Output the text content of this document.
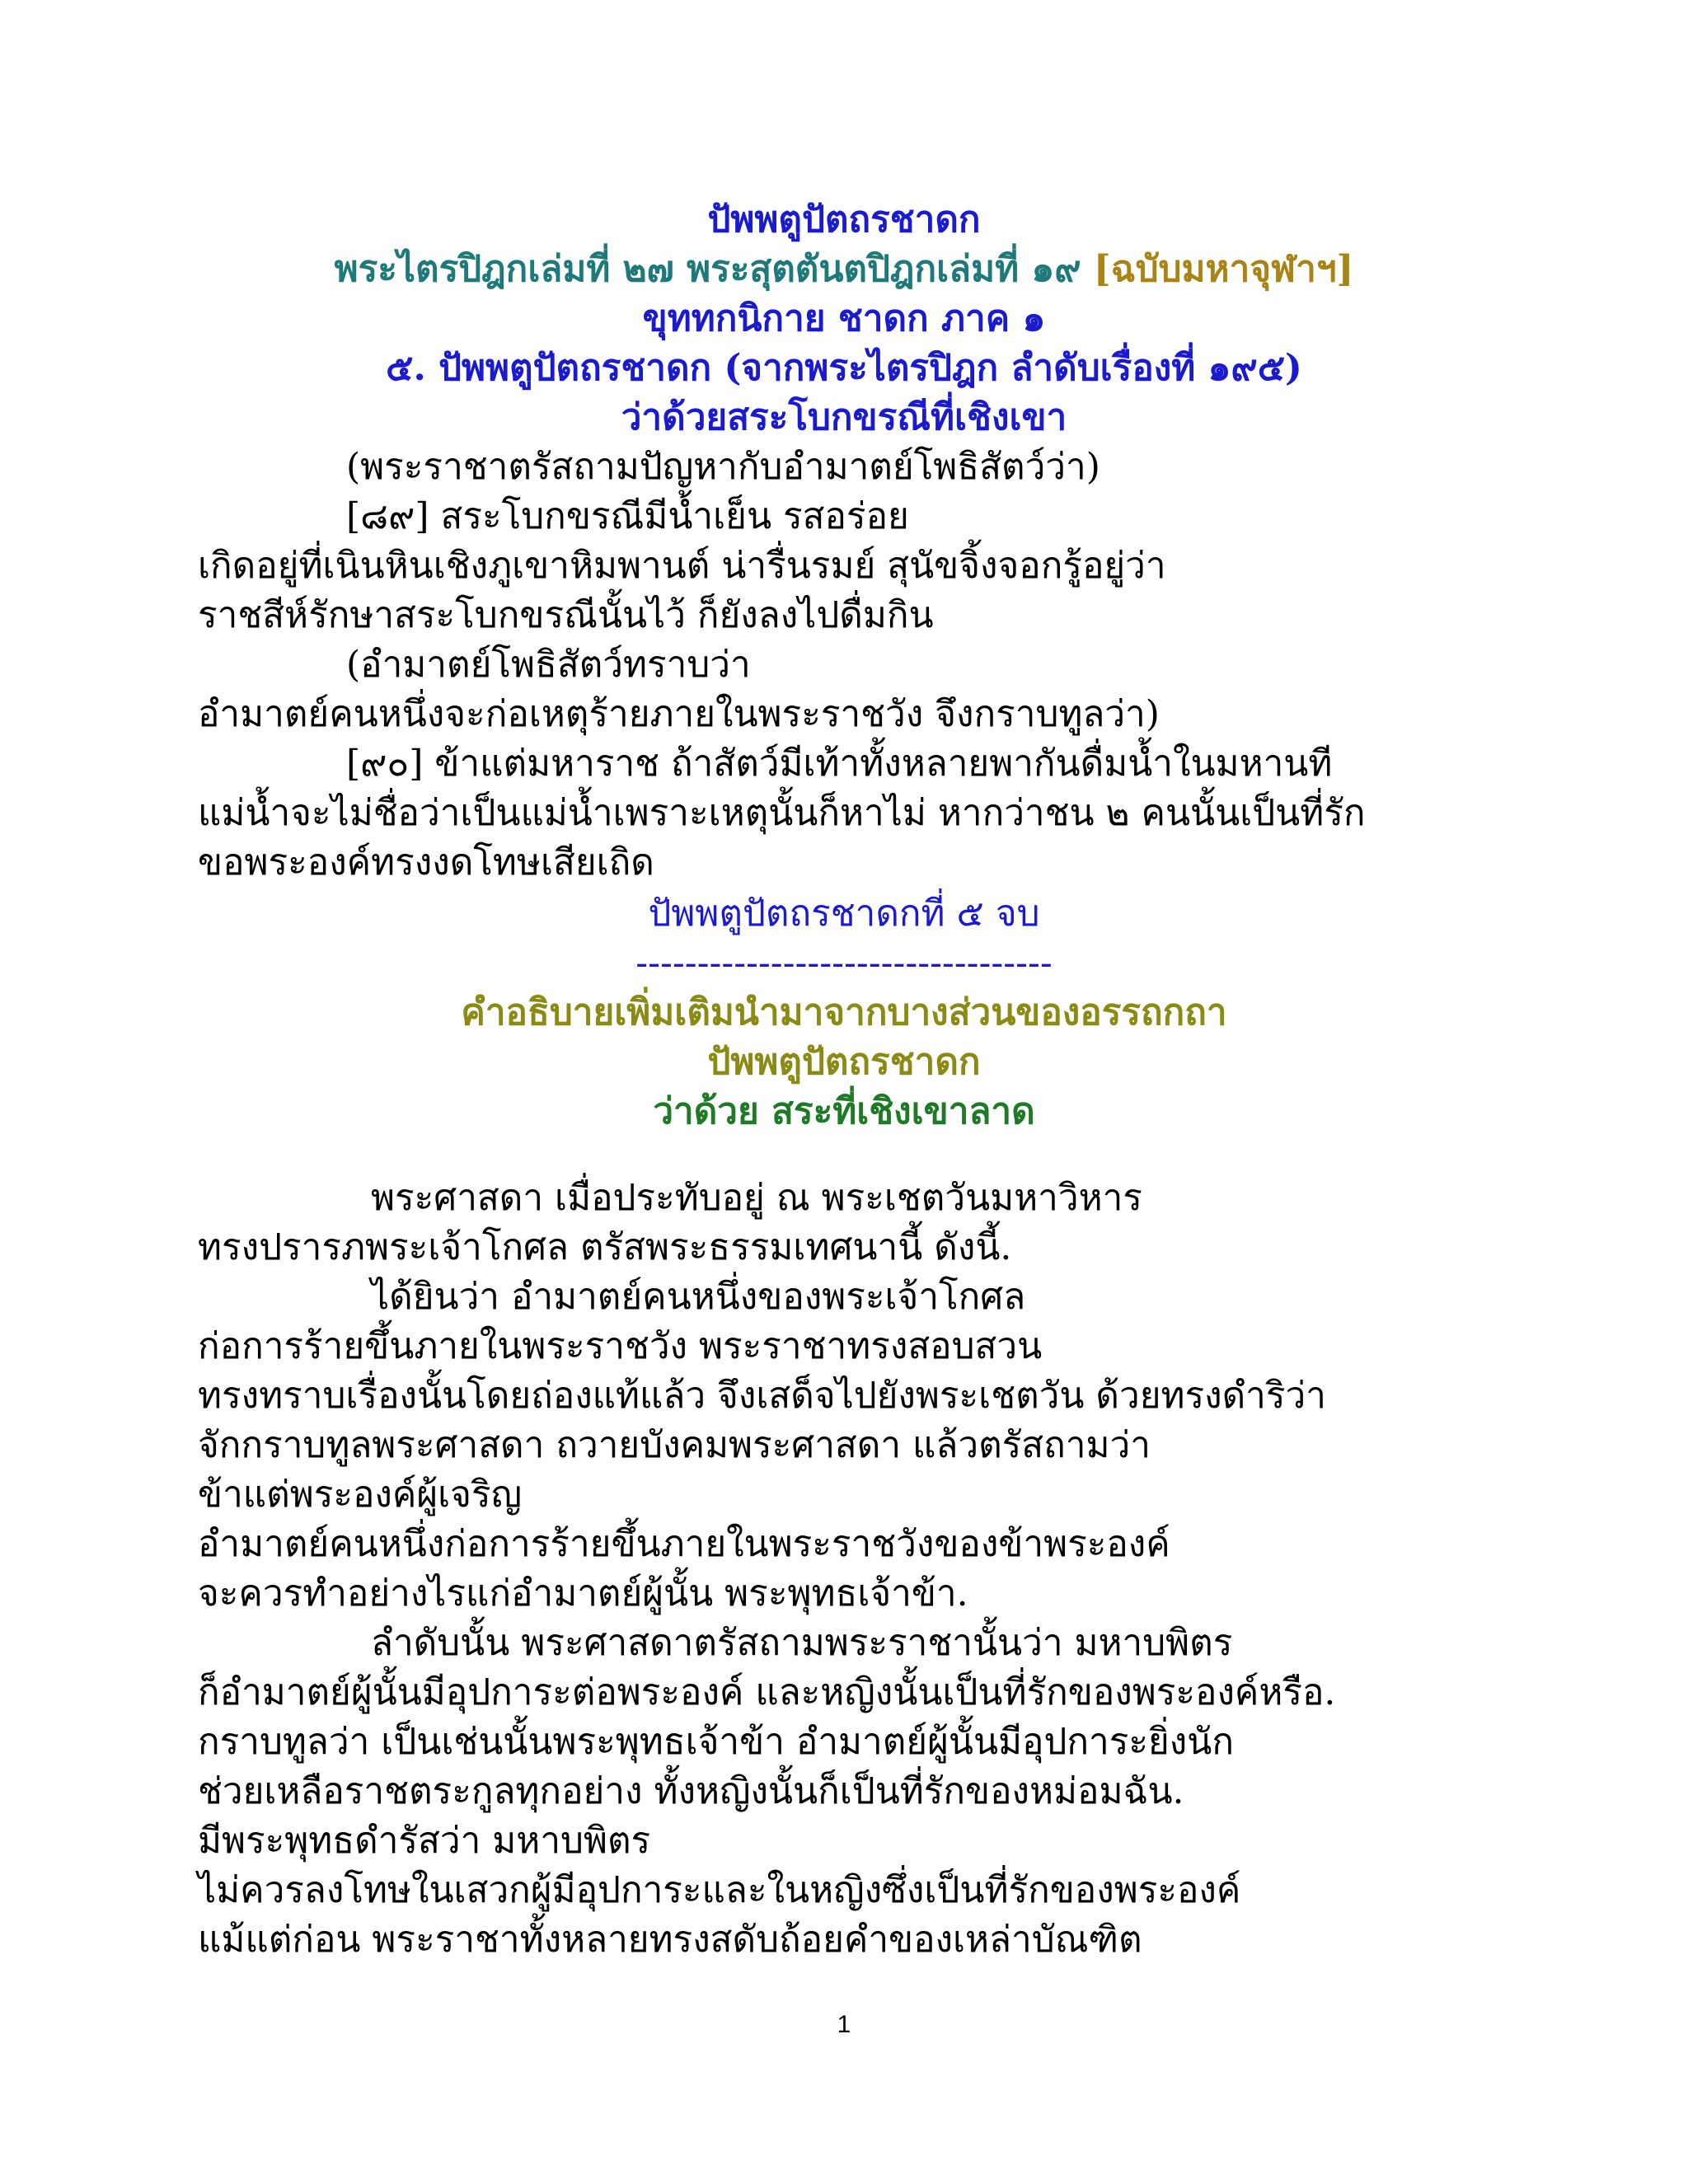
ปัพพตูปัตถรชาดก
พระไตรปิฎกเล่มที่ ๒๗ พระสุตตันตปิฎกเล่มที่ ๑๙ [ฉบับมหาจุฬาฯ]
ขุททกนิกาย ชาดก ภาค ๑
๕. ปัพพตูปัตถรชาดก (จากพระไตรปิฎก ลำดับเรื่องที่ ๑๙๕)
ว่าด้วยสระโบกขรณีที่เชิงเขา
(พระราชาตรัสถามปัญหากับอำมาตย์โพธิสัตว์ว่า)
[๘๙] สระโบกขรณีมีน้ำเย็น รสอร่อย
เกิดอยู่ที่เนินหินเชิงภูเขาหิมพานต์ น่ารื่นรมย์ สุนัขจิ้งจอกรู้อยู่ว่า
ราชสีห์รักษาสระโบกขรณีนั้นไว้ ก็ยังลงไปดื่มกิน
(อำมาตย์โพธิสัตว์ทราบว่า
อำมาตย์คนหนึ่งจะก่อเหตุร้ายภายในพระราชวัง จึงกราบทูลว่า)
[๙๐] ข้าแต่มหาราช ถ้าสัตว์มีเท้าทั้งหลายพากันดื่มน้ำในมหานที
แม่น้ำจะไม่ชื่อว่าเป็นแม่น้ำเพราะเหตุนั้นก็หาไม่ หากว่าชน ๒ คนนั้นเป็นที่รัก
ขอพระองค์ทรงงดโทษเสียเถิด
ปัพพตูปัตถรชาดกที่ ๕ จบ
----------------------------------
คำอธิบายเพิ่มเติมนำมาจากบางส่วนของอรรถกถา
ปัพพตูปัตถรชาดก
ว่าด้วย สระที่เชิงเขาลาด
พระศาสดา เมื่อประทับอยู่ ณ พระเชตวันมหาวิหาร
ทรงปรารภพระเจ้าโกศล ตรัสพระธรรมเทศนานี้ ดังนี้.
ได้ยินว่า อำมาตย์คนหนึ่งของพระเจ้าโกศล
ก่อการร้ายขึ้นภายในพระราชวัง พระราชาทรงสอบสวน
ทรงทราบเรื่องนั้นโดยถ่องแท้แล้ว จึงเสด็จไปยังพระเชตวัน ด้วยทรงดำริว่า
จักกราบทูลพระศาสดา ถวายบังคมพระศาสดา แล้วตรัสถามว่า
ข้าแต่พระองค์ผู้เจริญ
อำมาตย์คนหนึ่งก่อการร้ายขึ้นภายในพระราชวังของข้าพระองค์
จะควรทำอย่างไรแก่อำมาตย์ผู้นั้น พระพุทธเจ้าข้า.
ลำดับนั้น พระศาสดาตรัสถามพระราชานั้นว่า มหาบพิตร
ก็อำมาตย์ผู้นั้นมีอุปการะต่อพระองค์ และหญิงนั้นเป็นที่รักของพระองค์หรือ.
กราบทูลว่า เป็นเช่นนั้นพระพุทธเจ้าข้า อำมาตย์ผู้นั้นมีอุปการะยิ่งนัก
ช่วยเหลือราชตระกูลทุกอย่าง ทั้งหญิงนั้นก็เป็นที่รักของหม่อมฉัน.
มีพระพุทธดำรัสว่า มหาบพิตร
ไม่ควรลงโทษในเสวกผู้มีอุปการะและในหญิงซึ่งเป็นที่รักของพระองค์
แม้แต่ก่อน พระราชาทั้งหลายทรงสดับถ้อยคำของเหล่าบัณฑิต
1
